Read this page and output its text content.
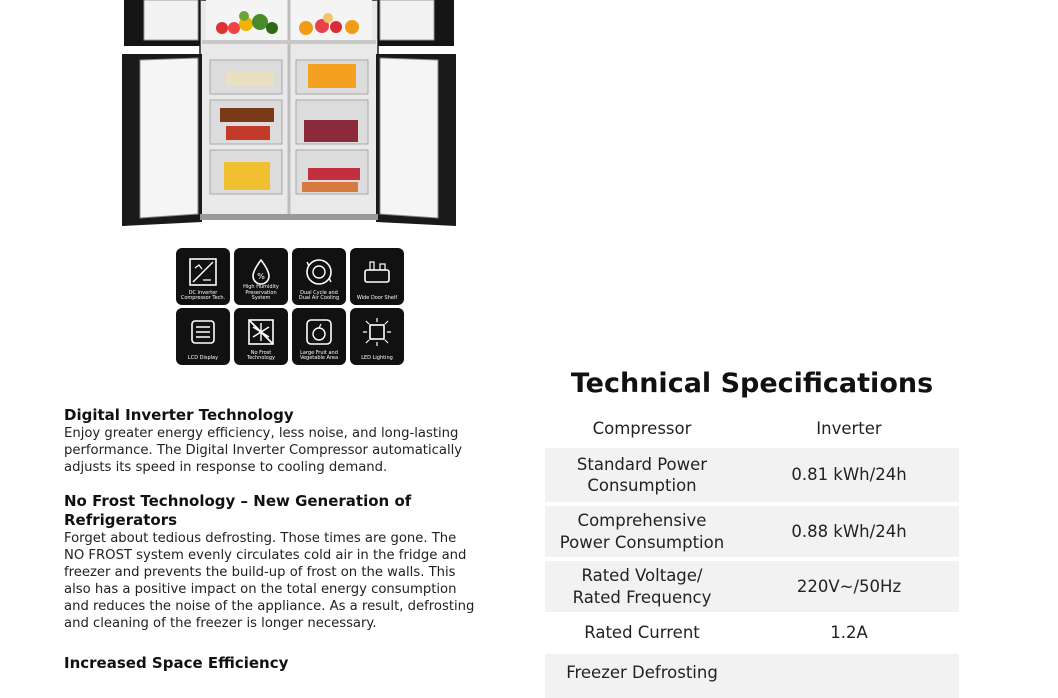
DC Inverter Compressor Tech.
%
High Humidity Preservation System
Dual Cycle and Dual Air Cooling	Wide Door Shelf
LCD Display
No Frost Technology
Large Fruit and Vegetable Area	LED Lighting
Digital Inverter Technology

Enjoy greater energy efficiency, less noise, and long-lasting performance. The Digital Inverter Compressor automatically adjusts its speed in response to cooling demand.

No Frost Technology – New Generation of Refrigerators

Forget about tedious defrosting. Those times are gone. The NO FROST system evenly circulates cold air in the fridge and freezer and prevents the build-up of frost on the walls. This also has a positive impact on the total energy consumption and reduces the noise of the appliance. As a result, defrosting and cleaning of the freezer is longer necessary.

Increased Space Efficiency
Technical Specifications
Compressor	Inverter
Standard Power
Consumption	0.81 kWh/24h

Comprehensive
Power Consumption	0.88 kWh/24h

Rated Voltage/
Rated Frequency	220V~/50Hz
Rated Current	1.2A
Freezer Defrosting	
